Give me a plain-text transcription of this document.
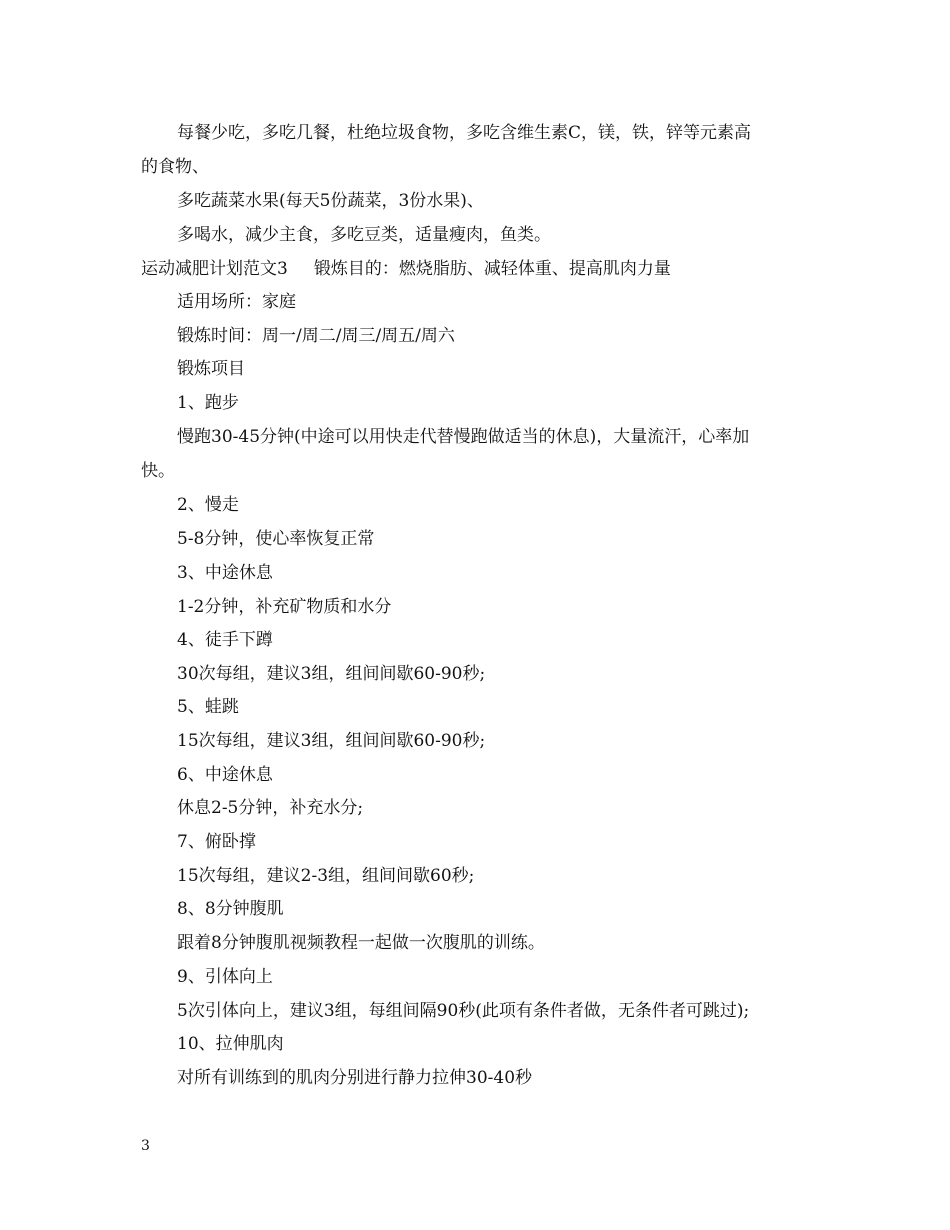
每餐少吃，多吃几餐，杜绝垃圾食物，多吃含维生素C，镁，铁，锌等元素高
的食物、
多吃蔬菜水果(每天5份蔬菜，3份水果)、
多喝水，减少主食，多吃豆类，适量瘦肉，鱼类。
运动减肥计划范文3 锻炼目的：燃烧脂肪、减轻体重、提高肌肉力量
适用场所：家庭
锻炼时间：周一/周二/周三/周五/周六
锻炼项目
1、跑步
慢跑30-45分钟(中途可以用快走代替慢跑做适当的休息)，大量流汗，心率加
快。
2、慢走
5-8分钟，使心率恢复正常
3、中途休息
1-2分钟，补充矿物质和水分
4、徒手下蹲
30次每组，建议3组，组间间歇60-90秒;
5、蛙跳
15次每组，建议3组，组间间歇60-90秒;
6、中途休息
休息2-5分钟，补充水分;
7、俯卧撑
15次每组，建议2-3组，组间间歇60秒;
8、8分钟腹肌
跟着8分钟腹肌视频教程一起做一次腹肌的训练。
9、引体向上
5次引体向上，建议3组，每组间隔90秒(此项有条件者做，无条件者可跳过);
10、拉伸肌肉
对所有训练到的肌肉分别进行静力拉伸30-40秒
3
